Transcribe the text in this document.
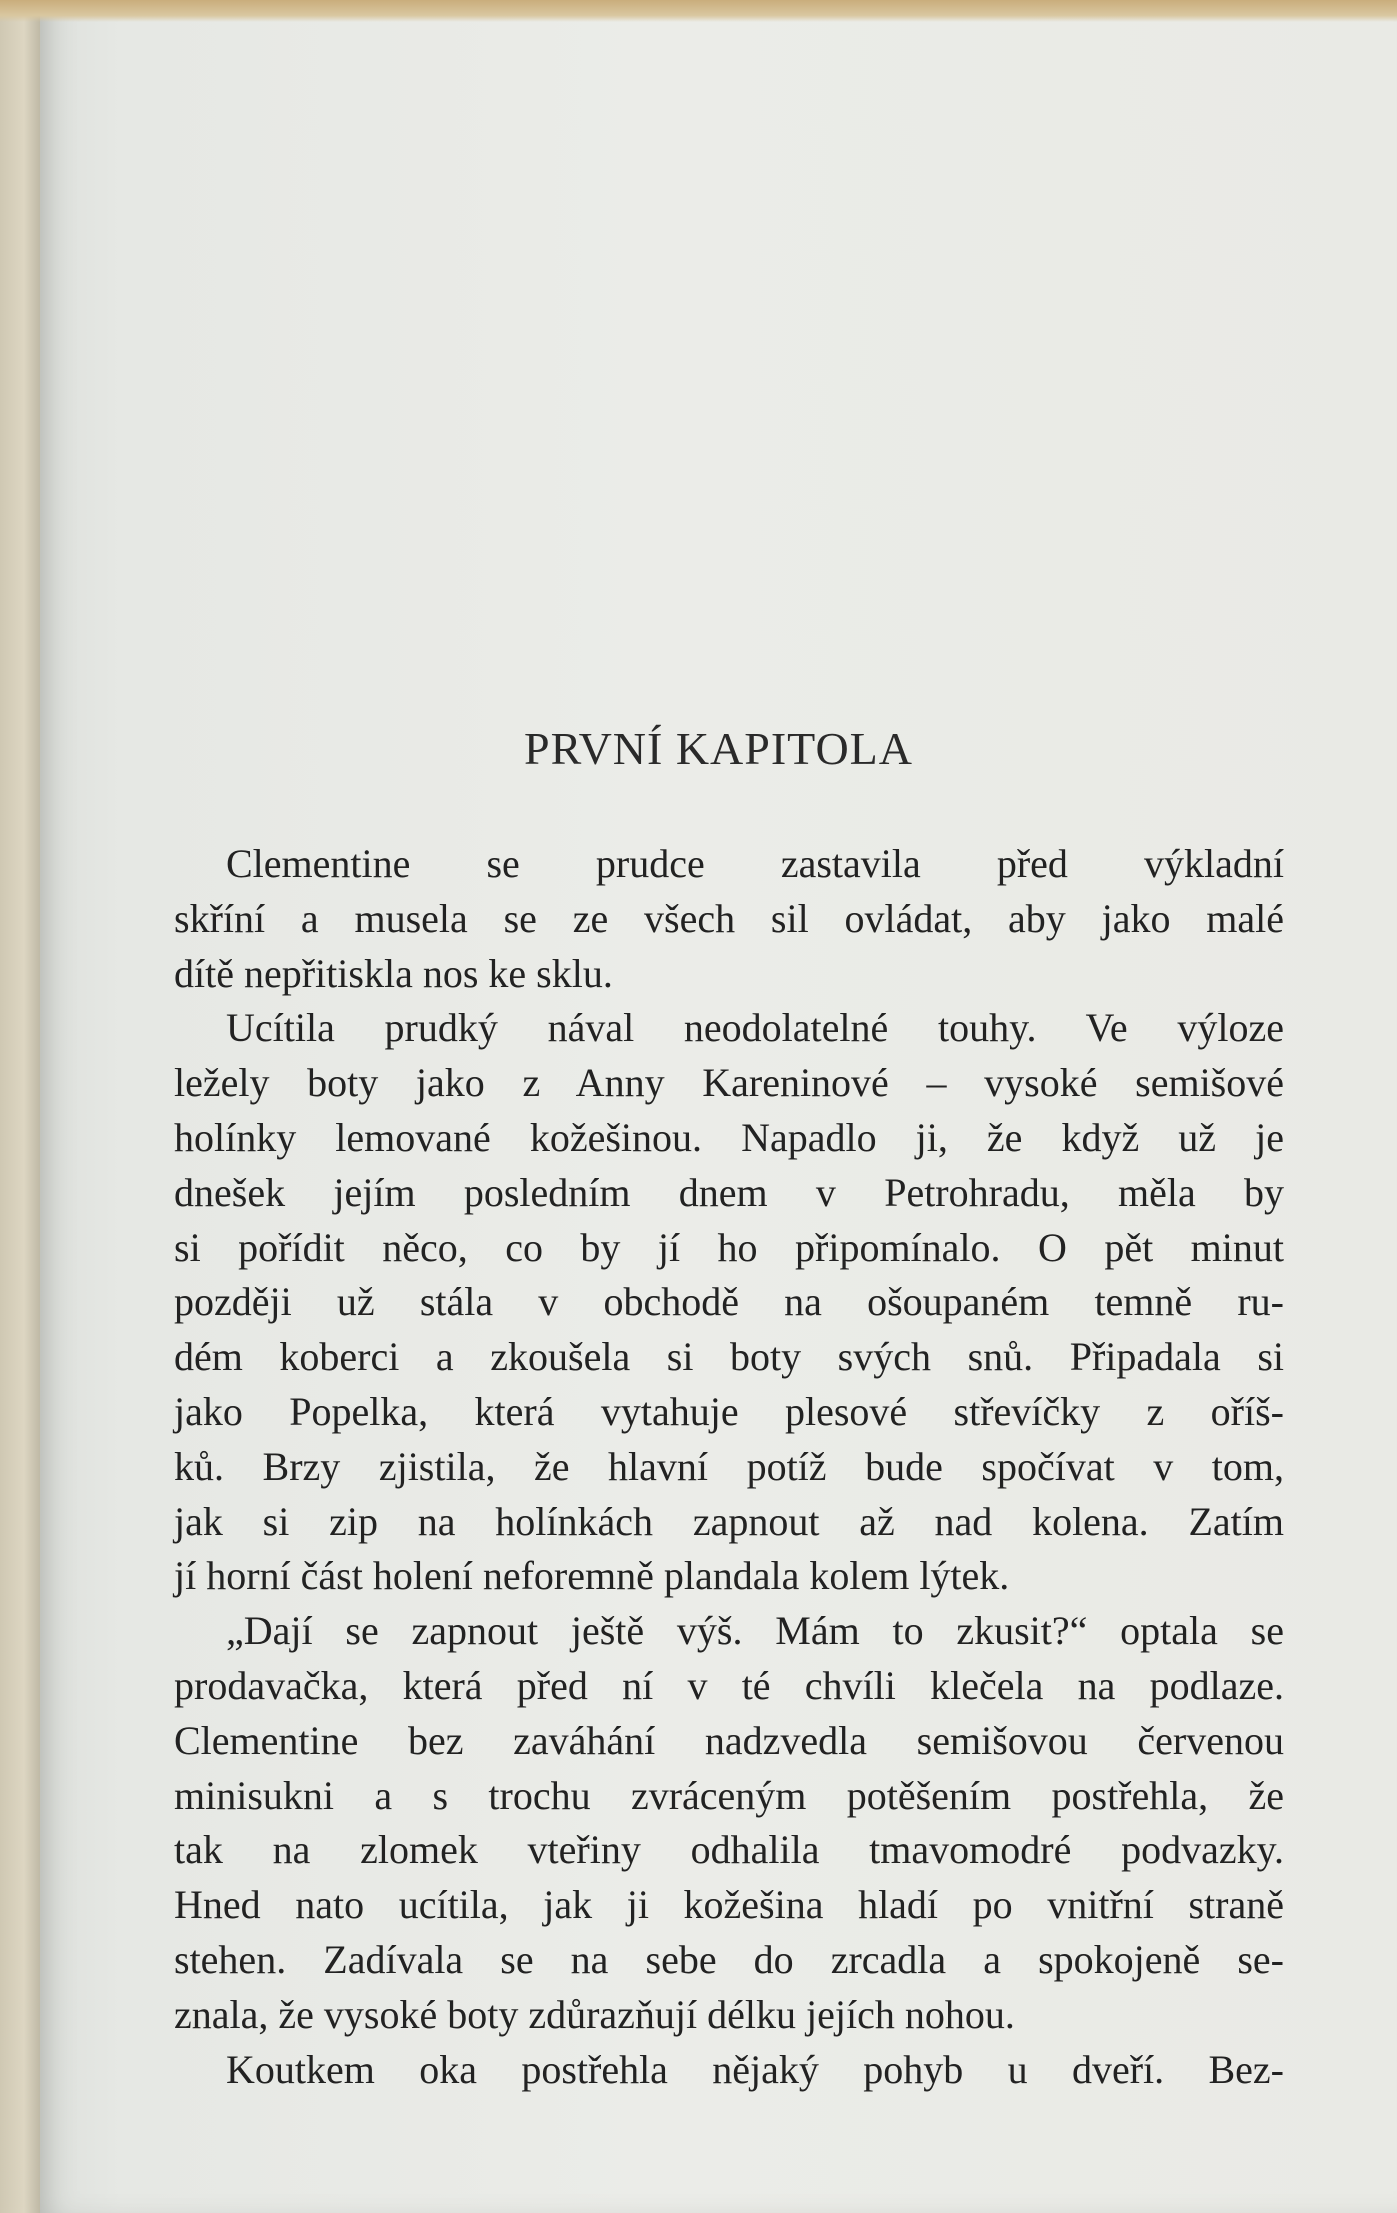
PRVNÍ KAPITOLA
Clementine se prudce zastavila před výkladní
skříní a musela se ze všech sil ovládat, aby jako malé
dítě nepřitiskla nos ke sklu.
Ucítila prudký nával neodolatelné touhy. Ve výloze
ležely boty jako z Anny Kareninové – vysoké semišové
holínky lemované kožešinou. Napadlo ji, že když už je
dnešek jejím posledním dnem v Petrohradu, měla by
si pořídit něco, co by jí ho připomínalo. O pět minut
později už stála v obchodě na ošoupaném temně ru-
dém koberci a zkoušela si boty svých snů. Připadala si
jako Popelka, která vytahuje plesové střevíčky z oříš-
ků. Brzy zjistila, že hlavní potíž bude spočívat v tom,
jak si zip na holínkách zapnout až nad kolena. Zatím
jí horní část holení neforemně plandala kolem lýtek.
„Dají se zapnout ještě výš. Mám to zkusit?“ optala se
prodavačka, která před ní v té chvíli klečela na podlaze.
Clementine bez zaváhání nadzvedla semišovou červenou
minisukni a s trochu zvráceným potěšením postřehla, že
tak na zlomek vteřiny odhalila tmavomodré podvazky.
Hned nato ucítila, jak ji kožešina hladí po vnitřní straně
stehen. Zadívala se na sebe do zrcadla a spokojeně se-
znala, že vysoké boty zdůrazňují délku jejích nohou.
Koutkem oka postřehla nějaký pohyb u dveří. Bez-
